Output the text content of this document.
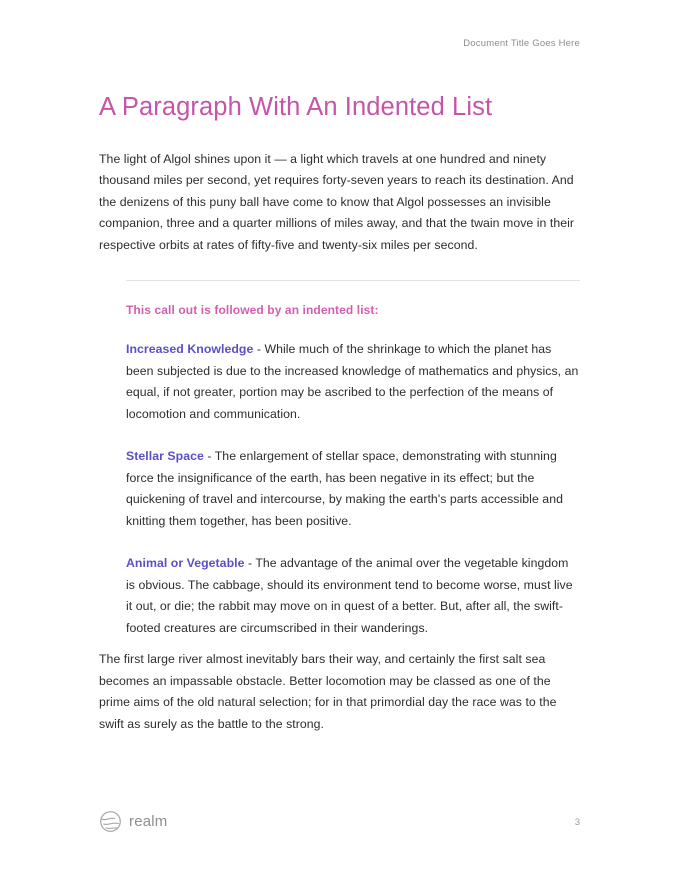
Document Title Goes Here
A Paragraph With An Indented List

The light of Algol shines upon it — a light which travels at one hundred and ninety thousand miles per second, yet requires forty-seven years to reach its destination. And the denizens of this puny ball have come to know that Algol possesses an invisible companion, three and a quarter millions of miles away, and that the twain move in their respective orbits at rates of fifty-five and twenty-six miles per second.

This call out is followed by an indented list:
Increased Knowledge - While much of the shrinkage to which the planet has been subjected is due to the increased knowledge of mathematics and physics, an equal, if not greater, portion may be ascribed to the perfection of the means of locomotion and communication.
Stellar Space - The enlargement of stellar space, demonstrating with stunning force the insignificance of the earth, has been negative in its effect; but the quickening of travel and intercourse, by making the earth's parts accessible and knitting them together, has been positive.
Animal or Vegetable - The advantage of the animal over the vegetable kingdom is obvious. The cabbage, should its environment tend to become worse, must live it out, or die; the rabbit may move on in quest of a better. But, after all, the swift-footed creatures are circumscribed in their wanderings.

The first large river almost inevitably bars their way, and certainly the first salt sea becomes an impassable obstacle. Better locomotion may be classed as one of the prime aims of the old natural selection; for in that primordial day the race was to the swift as surely as the battle to the strong.

realm	3
